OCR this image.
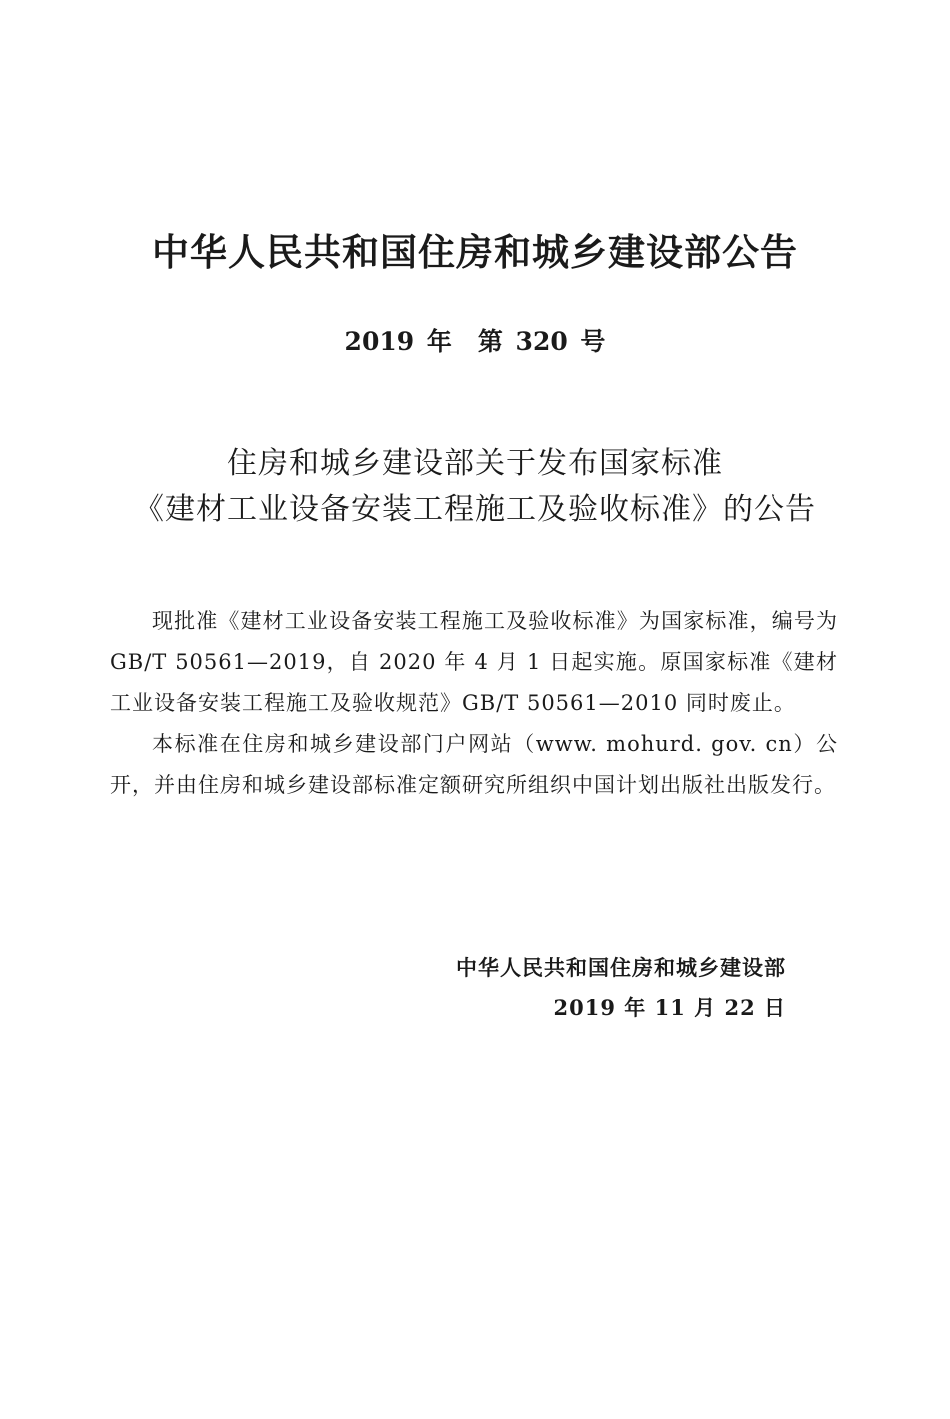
中华人民共和国住房和城乡建设部公告
2019 年 第 320 号
住房和城乡建设部关于发布国家标准
《建材工业设备安装工程施工及验收标准》的公告

现批准《建材工业设备安装工程施工及验收标准》为国家标准，编号为 GB/T 50561—2019，自 2020 年 4 月 1 日起实施。原国家标准《建材工业设备安装工程施工及验收规范》GB/T 50561—2010 同时废止。

本标准在住房和城乡建设部门户网站（www. mohurd. gov. cn）公开，并由住房和城乡建设部标准定额研究所组织中国计划出版社出版发行。

中华人民共和国住房和城乡建设部
2019 年 11 月 22 日
